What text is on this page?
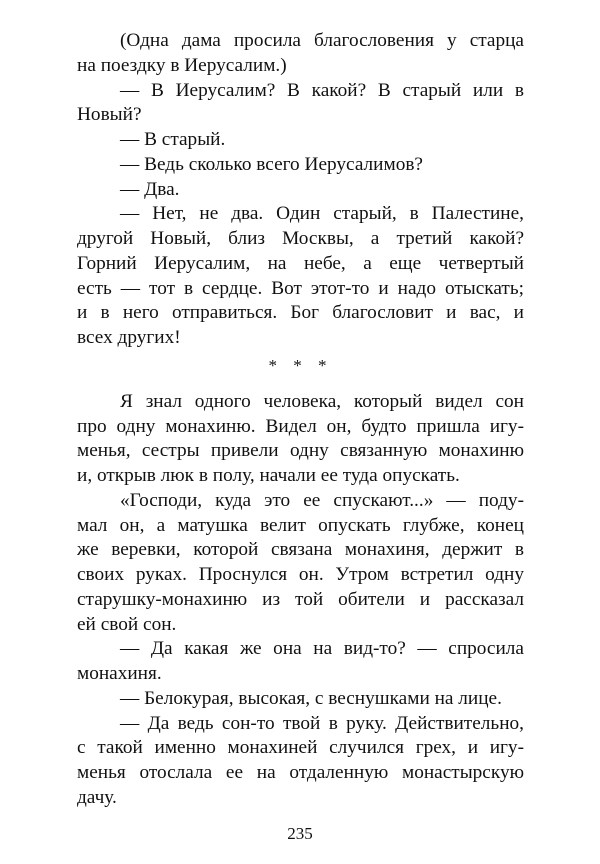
(Одна дама просила благословения у старца
на поездку в Иерусалим.)
— В Иерусалим? В какой? В старый или в
Новый?
— В старый.
— Ведь сколько всего Иерусалимов?
— Два.
— Нет, не два. Один старый, в Палестине,
другой Новый, близ Москвы, а третий какой?
Горний Иерусалим, на небе, а еще четвертый
есть — тот в сердце. Вот этот-то и надо отыскать;
и в него отправиться. Бог благословит и вас, и
всех других!
* * *
Я знал одного человека, который видел сон
про одну монахиню. Видел он, будто пришла игу-
менья, сестры привели одну связанную монахиню
и, открыв люк в полу, начали ее туда опускать.
«Господи, куда это ее спускают...» — поду-
мал он, а матушка велит опускать глубже, конец
же веревки, которой связана монахиня, держит в
своих руках. Проснулся он. Утром встретил одну
старушку-монахиню из той обители и рассказал
ей свой сон.
— Да какая же она на вид-то? — спросила
монахиня.
— Белокурая, высокая, с веснушками на лице.
— Да ведь сон-то твой в руку. Действительно,
с такой именно монахиней случился грех, и игу-
менья отослала ее на отдаленную монастырскую
дачу.
235
